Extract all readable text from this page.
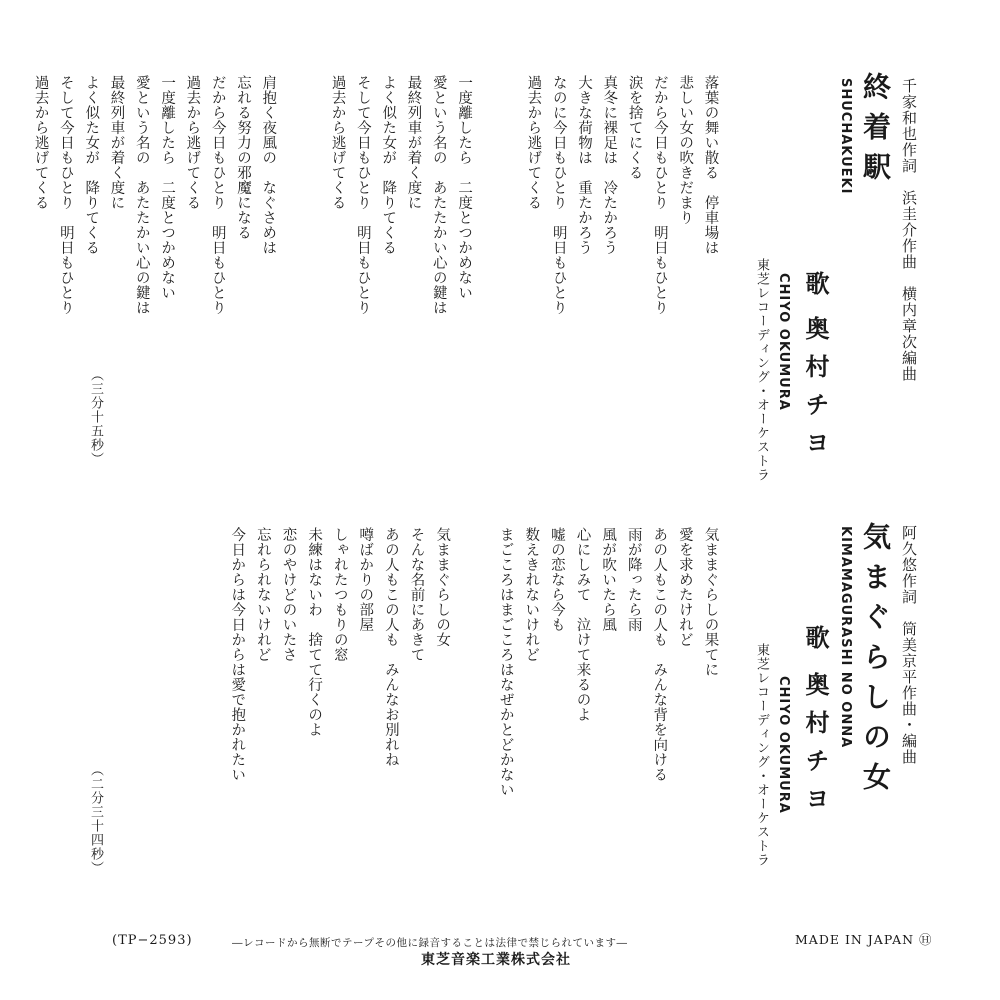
千家和也作詞　浜圭介作曲　横内章次編曲
終着駅
SHUCHAKUEKI
歌
奥村チヨ
CHIYO OKUMURA
東芝レコーディング・オーケストラ
落葉の舞い散る　停車場は
悲しい女の吹きだまり
だから今日もひとり　明日もひとり
涙を捨てにくる
真冬に裸足は　冷たかろう
大きな荷物は　重たかろう
なのに今日もひとり　明日もひとり
過去から逃げてくる
一度離したら　二度とつかめない
愛という名の　あたたかい心の鍵は
最終列車が着く度に
よく似た女が　降りてくる
そして今日もひとり　明日もひとり
過去から逃げてくる
肩抱く夜風の　なぐさめは
忘れる努力の邪魔になる
だから今日もひとり　明日もひとり
過去から逃げてくる
一度離したら　二度とつかめない
愛という名の　あたたかい心の鍵は
最終列車が着く度に
よく似た女が　降りてくる
そして今日もひとり　明日もひとり
過去から逃げてくる
（三分十五秒）
阿久悠作詞　筒美京平作曲・編曲
気まぐらしの女
KIMAMAGURASHI NO ONNA
歌
奥村チヨ
CHIYO OKUMURA
東芝レコーディング・オーケストラ
気ままぐらしの果てに
愛を求めたけれど
あの人もこの人も　みんな背を向ける
雨が降ったら雨
風が吹いたら風
心にしみて　泣けて来るのよ
嘘の恋なら今も
数えきれないけれど
まごころはまごころはなぜかとどかない
気ままぐらしの女
そんな名前にあきて
あの人もこの人も　みんなお別れね
噂ばかりの部屋
しゃれたつもりの窓
未練はないわ　捨てて行くのよ
恋のやけどのいたさ
忘れられないけれど
今日からは今日からは愛で抱かれたい
（二分三十四秒）
(TP−2593)	―レコードから無断でテープその他に録音することは法律で禁じられています―
東芝音楽工業株式会社
MADE IN JAPAN Ⓗ
